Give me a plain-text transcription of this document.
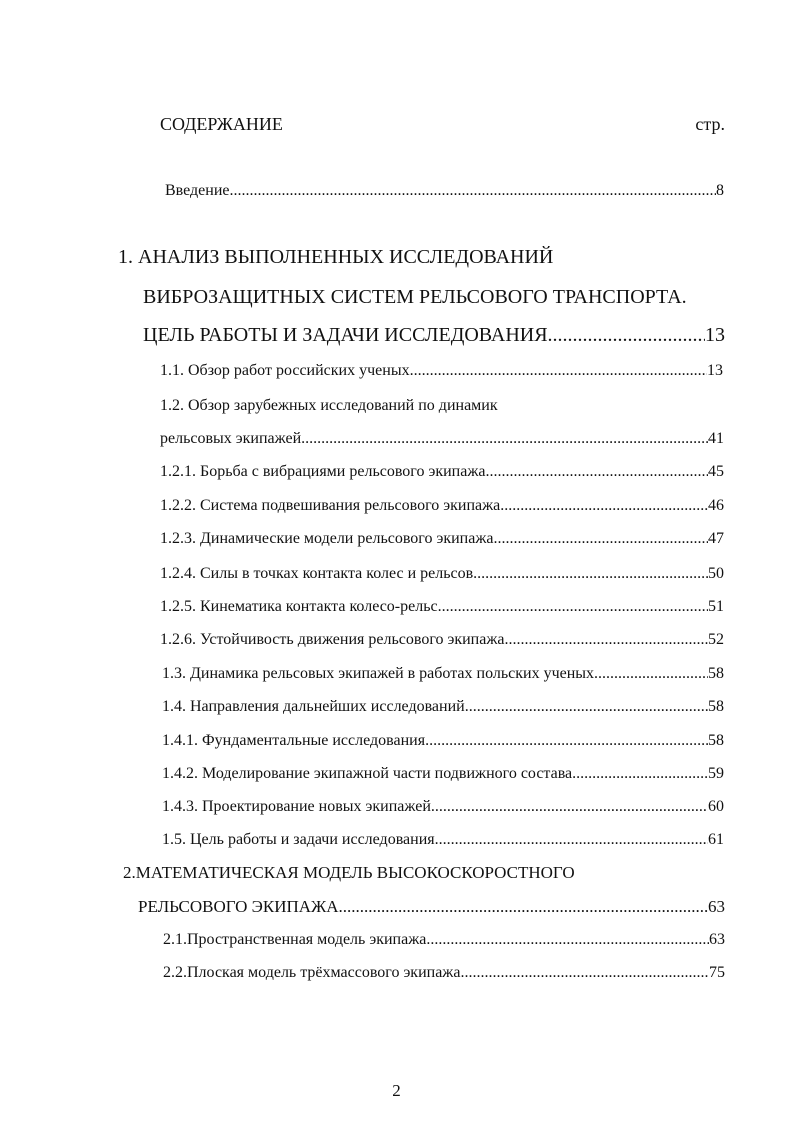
СОДЕРЖАНИЕ	стр.
Введение .....	8
1. АНАЛИЗ ВЫПОЛНЕННЫХ ИССЛЕДОВАНИЙ
ВИБРОЗАЩИТНЫХ СИСТЕМ РЕЛЬСОВОГО ТРАНСПОРТА.
ЦЕЛЬ РАБОТЫ И ЗАДАЧИ ИССЛЕДОВАНИЯ .....	13
1.1. Обзор работ российских ученых .....	13
1.2. Обзор зарубежных исследований по динамик
рельсовых экипажей .....	41
1.2.1. Борьба с вибрациями рельсового экипажа .....	45
1.2.2. Система подвешивания рельсового экипажа .....	46
1.2.3. Динамические модели рельсового экипажа .....	47
1.2.4. Силы в точках контакта колес и рельсов .....	50
1.2.5. Кинематика контакта колесо-рельс .....	51
1.2.6. Устойчивость движения рельсового экипажа .....	52
1.3. Динамика рельсовых экипажей в работах польских ученых .....	58
1.4. Направления дальнейших исследований .....	58
1.4.1. Фундаментальные исследования .....	58
1.4.2. Моделирование экипажной части подвижного состава .....	59
1.4.3. Проектирование новых экипажей .....	60
1.5. Цель работы и задачи исследования .....	61
2.МАТЕМАТИЧЕСКАЯ МОДЕЛЬ ВЫСОКОСКОРОСТНОГО
РЕЛЬСОВОГО ЭКИПАЖА .....	63
2.1.Пространственная модель экипажа .....	63
2.2.Плоская модель трёхмассового экипажа .....	75
2
